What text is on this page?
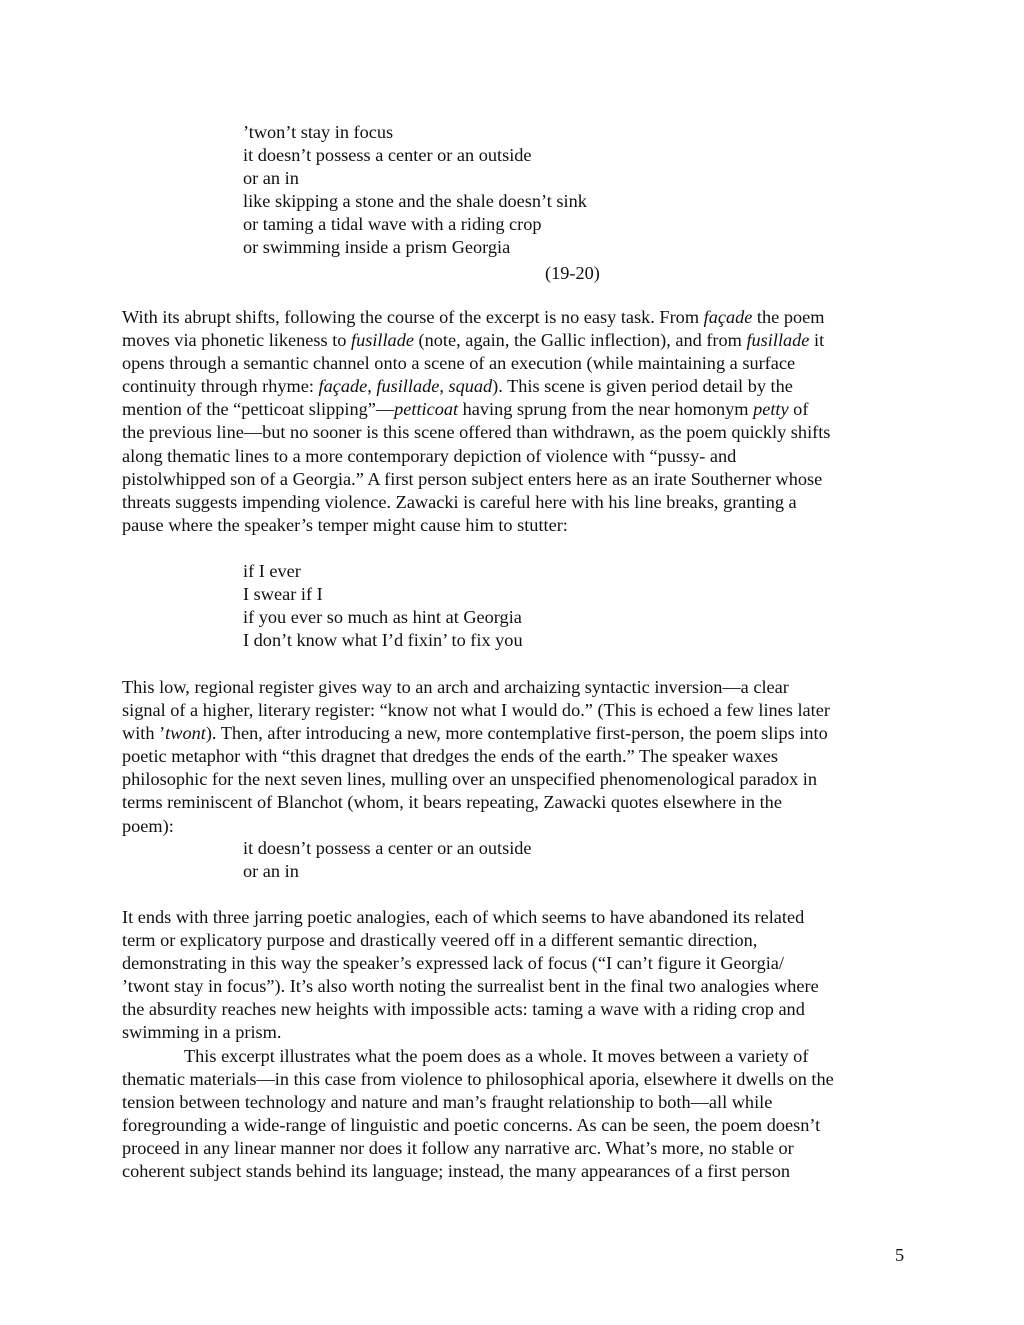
’twon’t stay in focus
it doesn’t possess a center or an outside
or an in
like skipping a stone and the shale doesn’t sink
or taming a tidal wave with a riding crop
or swimming inside a prism Georgia
(19-20)
With its abrupt shifts, following the course of the excerpt is no easy task. From façade the poem
moves via phonetic likeness to fusillade (note, again, the Gallic inflection), and from fusillade it
opens through a semantic channel onto a scene of an execution (while maintaining a surface
continuity through rhyme: façade, fusillade, squad). This scene is given period detail by the
mention of the “petticoat slipping”—petticoat having sprung from the near homonym petty of
the previous line—but no sooner is this scene offered than withdrawn, as the poem quickly shifts
along thematic lines to a more contemporary depiction of violence with “pussy- and
pistolwhipped son of a Georgia.” A first person subject enters here as an irate Southerner whose
threats suggests impending violence. Zawacki is careful here with his line breaks, granting a
pause where the speaker’s temper might cause him to stutter:
if I ever
I swear if I
if you ever so much as hint at Georgia
I don’t know what I’d fixin’ to fix you
This low, regional register gives way to an arch and archaizing syntactic inversion—a clear
signal of a higher, literary register: “know not what I would do.” (This is echoed a few lines later
with ’twont). Then, after introducing a new, more contemplative first-person, the poem slips into
poetic metaphor with “this dragnet that dredges the ends of the earth.” The speaker waxes
philosophic for the next seven lines, mulling over an unspecified phenomenological paradox in
terms reminiscent of Blanchot (whom, it bears repeating, Zawacki quotes elsewhere in the
poem):
it doesn’t possess a center or an outside
or an in
It ends with three jarring poetic analogies, each of which seems to have abandoned its related
term or explicatory purpose and drastically veered off in a different semantic direction,
demonstrating in this way the speaker’s expressed lack of focus (“I can’t figure it Georgia/
’twont stay in focus”). It’s also worth noting the surrealist bent in the final two analogies where
the absurdity reaches new heights with impossible acts: taming a wave with a riding crop and
swimming in a prism.
This excerpt illustrates what the poem does as a whole. It moves between a variety of
thematic materials—in this case from violence to philosophical aporia, elsewhere it dwells on the
tension between technology and nature and man’s fraught relationship to both—all while
foregrounding a wide-range of linguistic and poetic concerns. As can be seen, the poem doesn’t
proceed in any linear manner nor does it follow any narrative arc. What’s more, no stable or
coherent subject stands behind its language; instead, the many appearances of a first person
5
